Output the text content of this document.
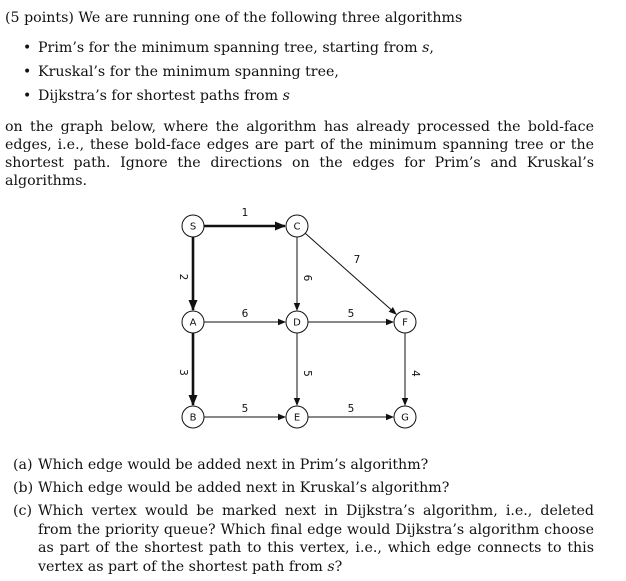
(5 points) We are running one of the following three algorithms
• Prim’s for the minimum spanning tree, starting from s,
• Kruskal’s for the minimum spanning tree,
• Dijkstra’s for shortest paths from s
on the graph below, where the algorithm has already processed the bold-face edges, i.e., these bold-face edges are part of the minimum spanning tree or the shortest path. Ignore the directions on the edges for Prim’s and Kruskal’s algorithms.
1
2	6
7
6	5
3	5	4
5	5
S	C
A	D	F
B	E	G
(a) Which edge would be added next in Prim’s algorithm?
(b) Which edge would be added next in Kruskal’s algorithm?
(c) Which vertex would be marked next in Dijkstra’s algorithm, i.e., deleted from the priority queue? Which final edge would Dijkstra’s algorithm choose as part of the shortest path to this vertex, i.e., which edge connects to this vertex as part of the shortest path from s?
